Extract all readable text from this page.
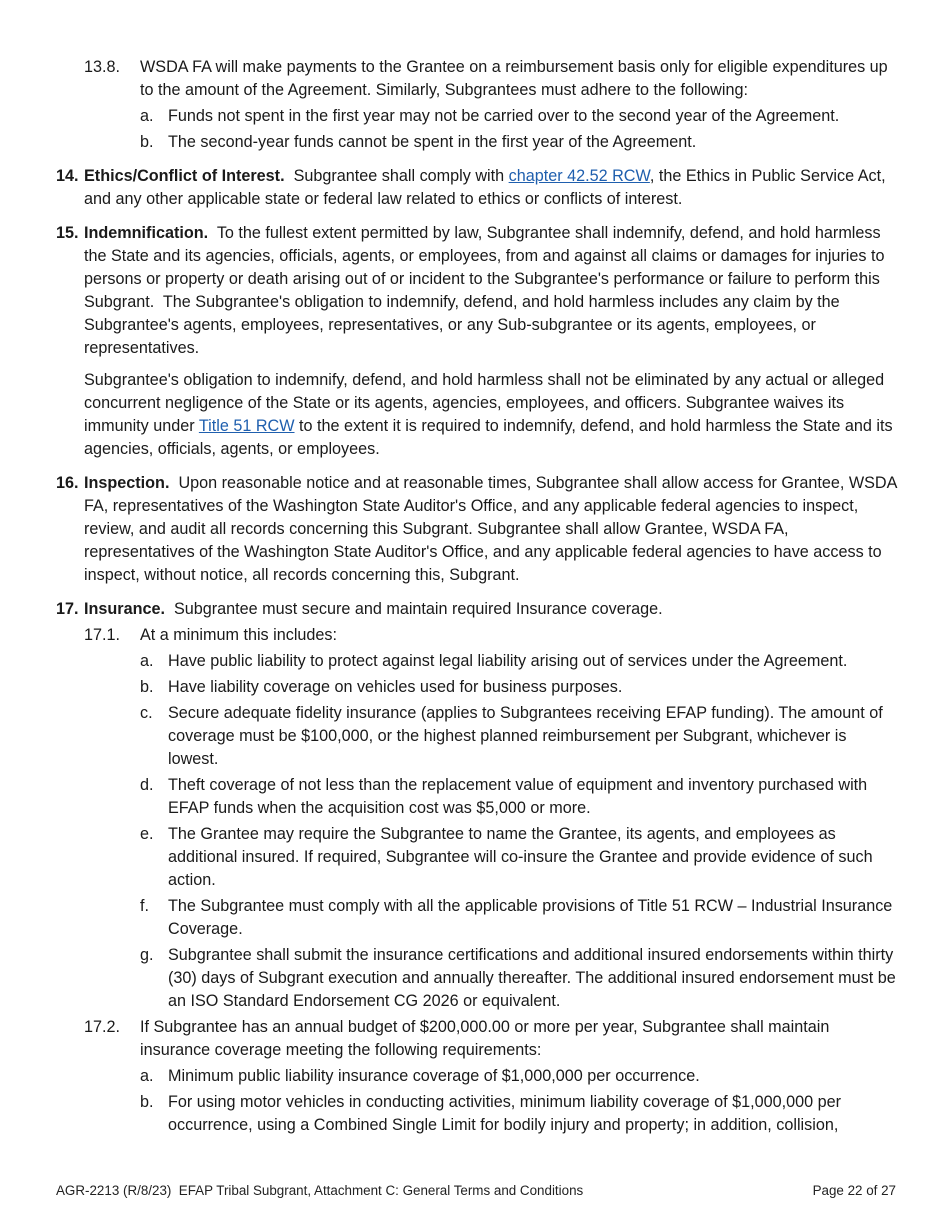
13.8. WSDA FA will make payments to the Grantee on a reimbursement basis only for eligible expenditures up to the amount of the Agreement. Similarly, Subgrantees must adhere to the following:
a. Funds not spent in the first year may not be carried over to the second year of the Agreement.
b. The second-year funds cannot be spent in the first year of the Agreement.
14. Ethics/Conflict of Interest.  Subgrantee shall comply with chapter 42.52 RCW, the Ethics in Public Service Act, and any other applicable state or federal law related to ethics or conflicts of interest.

15. Indemnification.  To the fullest extent permitted by law, Subgrantee shall indemnify, defend, and hold harmless the State and its agencies, officials, agents, or employees, from and against all claims or damages for injuries to persons or property or death arising out of or incident to the Subgrantee's performance or failure to perform this Subgrant.  The Subgrantee's obligation to indemnify, defend, and hold harmless includes any claim by the Subgrantee's agents, employees, representatives, or any Sub-subgrantee or its agents, employees, or representatives.

Subgrantee's obligation to indemnify, defend, and hold harmless shall not be eliminated by any actual or alleged concurrent negligence of the State or its agents, agencies, employees, and officers. Subgrantee waives its immunity under Title 51 RCW to the extent it is required to indemnify, defend, and hold harmless the State and its agencies, officials, agents, or employees.

16. Inspection.  Upon reasonable notice and at reasonable times, Subgrantee shall allow access for Grantee, WSDA FA, representatives of the Washington State Auditor's Office, and any applicable federal agencies to inspect, review, and audit all records concerning this Subgrant. Subgrantee shall allow Grantee, WSDA FA, representatives of the Washington State Auditor's Office, and any applicable federal agencies to have access to inspect, without notice, all records concerning this, Subgrant.

17. Insurance.  Subgrantee must secure and maintain required Insurance coverage.

17.1. At a minimum this includes:
a. Have public liability to protect against legal liability arising out of services under the Agreement.
b. Have liability coverage on vehicles used for business purposes.
c. Secure adequate fidelity insurance (applies to Subgrantees receiving EFAP funding). The amount of coverage must be $100,000, or the highest planned reimbursement per Subgrant, whichever is lowest.
d. Theft coverage of not less than the replacement value of equipment and inventory purchased with EFAP funds when the acquisition cost was $5,000 or more.
e. The Grantee may require the Subgrantee to name the Grantee, its agents, and employees as additional insured. If required, Subgrantee will co-insure the Grantee and provide evidence of such action.
f. The Subgrantee must comply with all the applicable provisions of Title 51 RCW – Industrial Insurance Coverage.
g. Subgrantee shall submit the insurance certifications and additional insured endorsements within thirty (30) days of Subgrant execution and annually thereafter. The additional insured endorsement must be an ISO Standard Endorsement CG 2026 or equivalent.
17.2. If Subgrantee has an annual budget of $200,000.00 or more per year, Subgrantee shall maintain insurance coverage meeting the following requirements:
a. Minimum public liability insurance coverage of $1,000,000 per occurrence.
b. For using motor vehicles in conducting activities, minimum liability coverage of $1,000,000 per occurrence, using a Combined Single Limit for bodily injury and property; in addition, collision,
AGR-2213 (R/8/23)  EFAP Tribal Subgrant, Attachment C: General Terms and Conditions	Page 22 of 27
